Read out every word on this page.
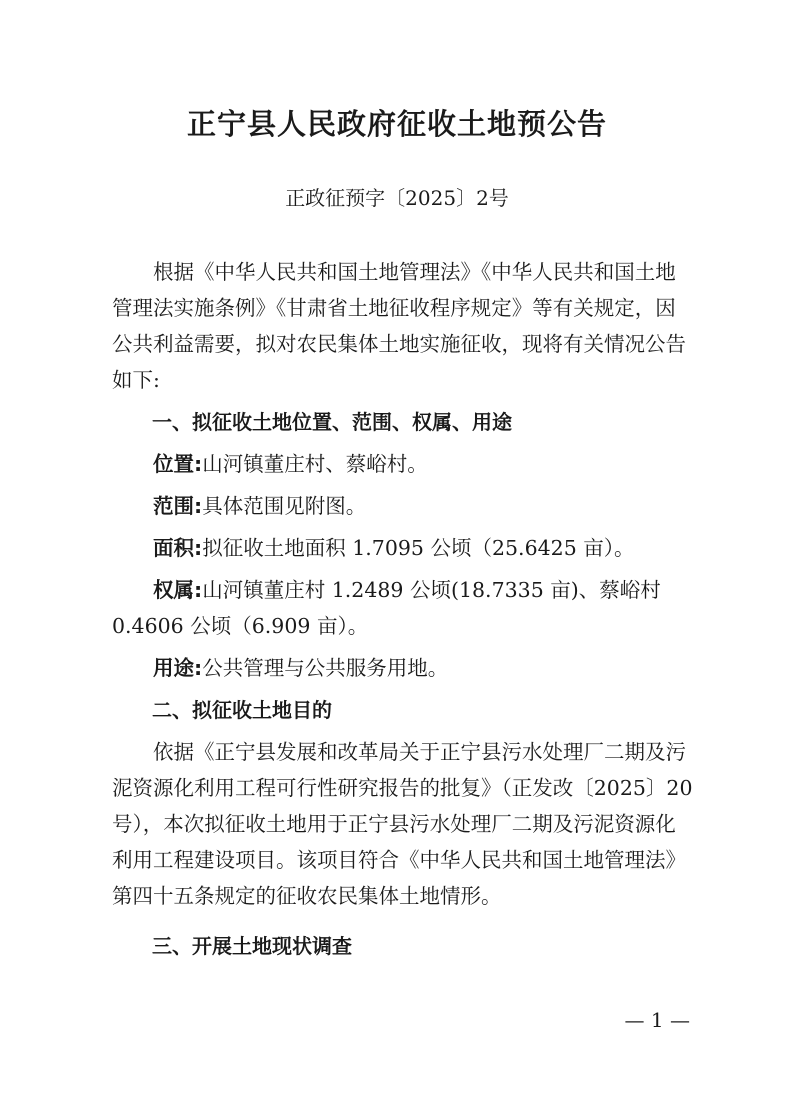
正宁县人民政府征收土地预公告
正政征预字〔2025〕2号

根据《中华人民共和国土地管理法》《中华人民共和国土地管理法实施条例》《甘肃省土地征收程序规定》等有关规定，因公共利益需要，拟对农民集体土地实施征收，现将有关情况公告如下:

一、拟征收土地位置、范围、权属、用途

位置:山河镇董庄村、蔡峪村。

范围:具体范围见附图。

面积:拟征收土地面积 1.7095 公顷（25.6425 亩）。

权属:山河镇董庄村 1.2489 公顷(18.7335 亩)、蔡峪村 0.4606 公顷（6.909 亩）。

用途:公共管理与公共服务用地。

二、拟征收土地目的

依据《正宁县发展和改革局关于正宁县污水处理厂二期及污泥资源化利用工程可行性研究报告的批复》（正发改〔2025〕20号），本次拟征收土地用于正宁县污水处理厂二期及污泥资源化利用工程建设项目。该项目符合《中华人民共和国土地管理法》第四十五条规定的征收农民集体土地情形。

三、开展土地现状调查

— 1 —
